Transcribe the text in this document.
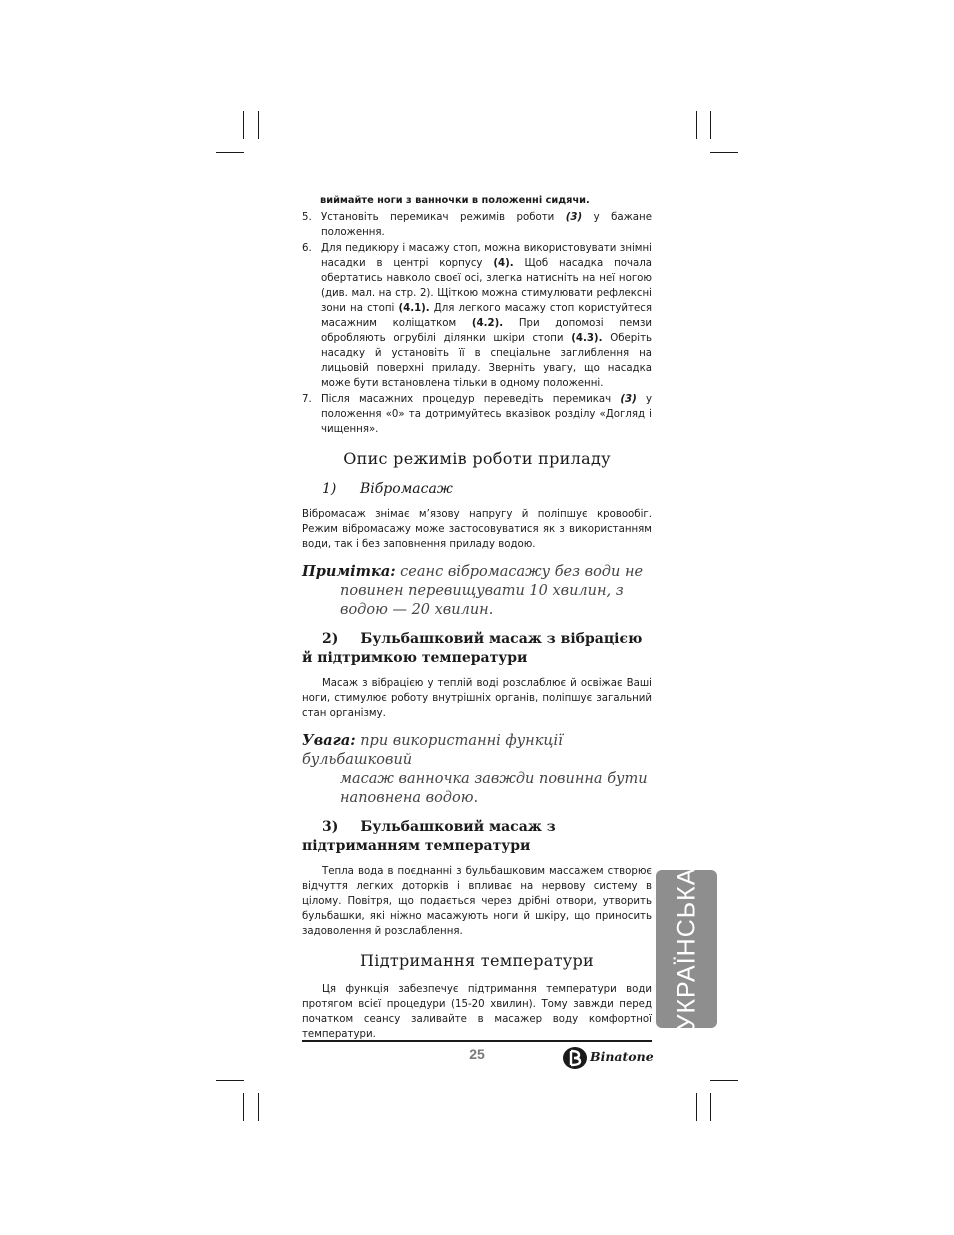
виймайте ноги з ванночки в положенні сидячи.
5. Установіть перемикач режимів роботи (3) у бажане положення.
6. Для педикюру і масажу стоп, можна використовувати знімні насадки в центрі корпусу (4). Щоб насадка почала обертатись навколо своєї осі, злегка натисніть на неї ногою (див. мал. на стр. 2). Щіткою можна стимулювати рефлексні зони на стопі (4.1). Для легкого масажу стоп користуйтеся масажним коліщатком (4.2). При допомозі пемзи обробляють огрубілі ділянки шкіри стопи (4.3). Оберіть насадку й установіть її в спеціальне заглиблення на лицьовій поверхні приладу. Зверніть увагу, що насадка може бути встановлена тільки в одному положенні.
7. Після масажних процедур переведіть перемикач (3) у положення «0» та дотримуйтесь вказівок розділу «Догляд і чищення».
Опис режимів роботи приладу
1) Вібромасаж
Вібромасаж знімає м’язову напругу й поліпшує кровообіг. Режим вібромасажу може застосовуватися як з використанням води, так і без заповнення приладу водою.
Примітка: сеанс вібромасажу без води не
повинен перевищувати 10 хвилин, з водою — 20 хвилин.
2) Бульбашковий масаж з вібрацією й підтримкою температури
Масаж з вібрацією у теплій воді розслаблює й освіжає Ваші ноги, стимулює роботу внутрішніх органів, поліпшує загальний стан організму.
Увага: при використанні функції бульбашковий
масаж ванночка завжди повинна бути наповнена водою.
3) Бульбашковий масаж з підтриманням температури
Тепла вода в поєднанні з бульбашковим массажем створює відчуття легких доторків і впливає на нервову систему в цілому. Повітря, що подається через дрібні отвори, утворить бульбашки, які ніжно масажують ноги й шкіру, що приносить задоволення й розслаблення.
Підтримання температури
Ця функція забезпечує підтримання температури води протягом всієї процедури (15-20 хвилин). Тому завжди перед початком сеансу заливайте в масажер воду комфортної температури.
УКРАЇНСЬКА
25	Binatone
